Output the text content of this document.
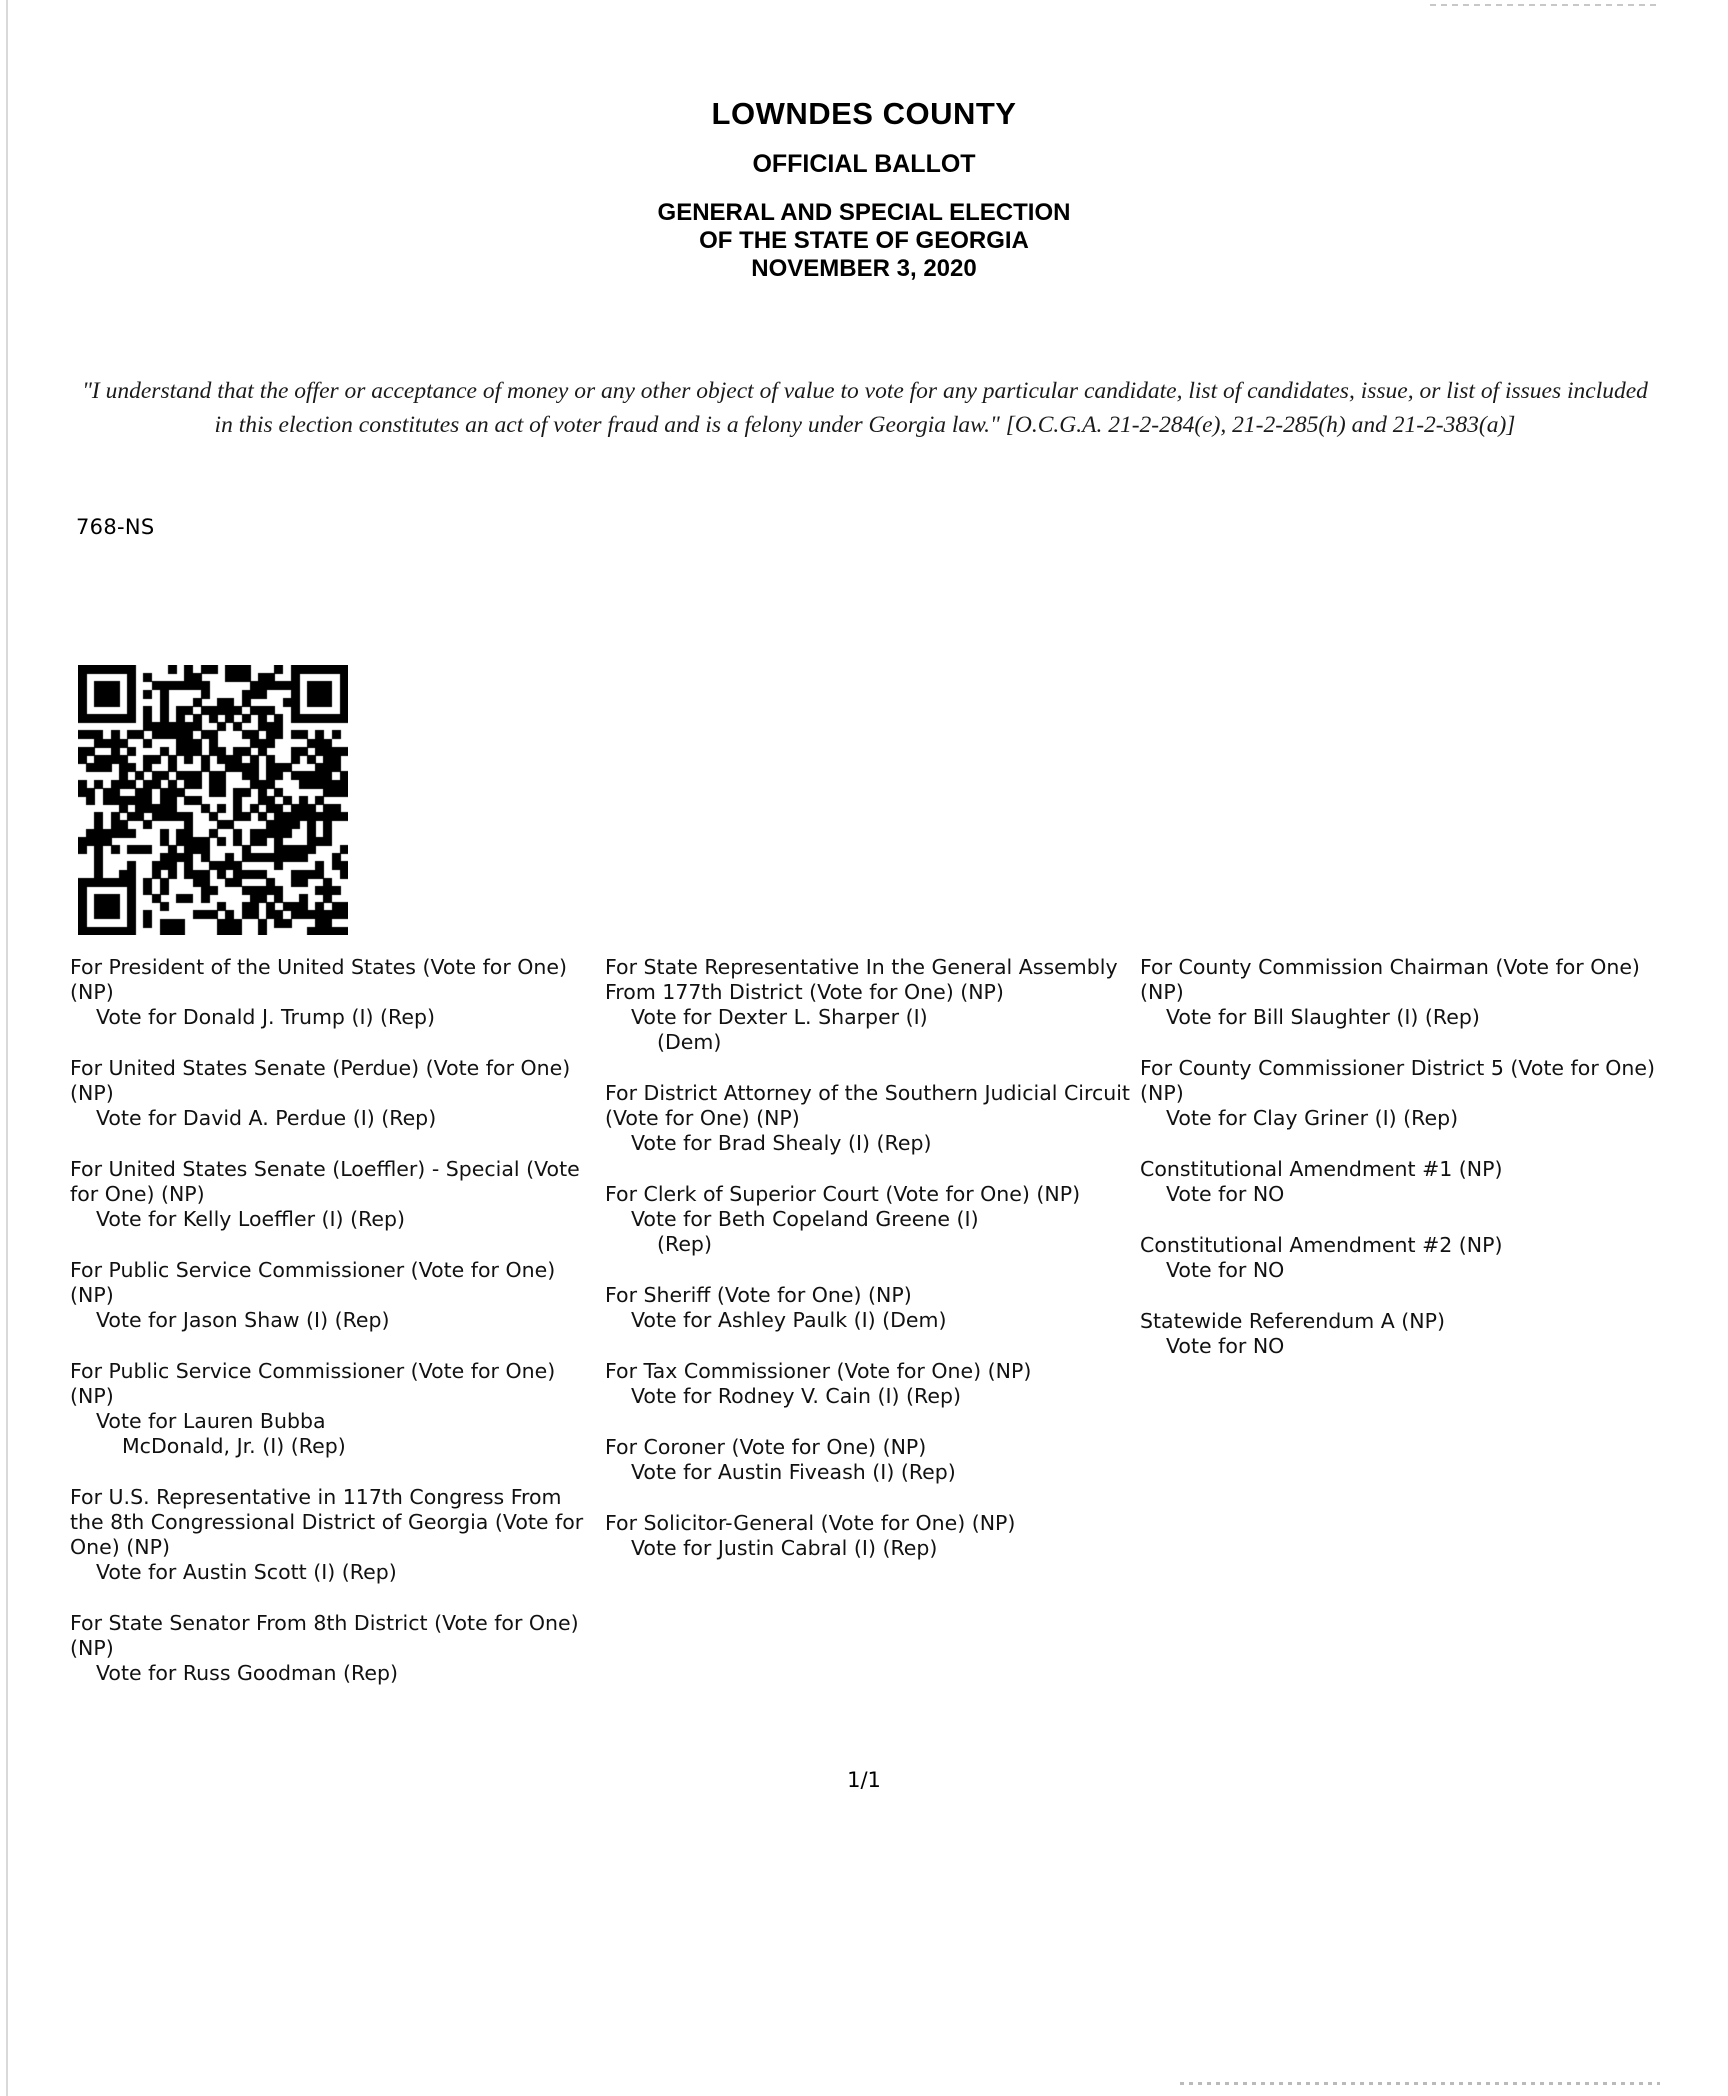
LOWNDES COUNTY
OFFICIAL BALLOT
GENERAL AND SPECIAL ELECTION
OF THE STATE OF GEORGIA
NOVEMBER 3, 2020
"I understand that the offer or acceptance of money or any other object of value to vote for any particular candidate, list of candidates, issue, or list of issues included in this election constitutes an act of voter fraud and is a felony under Georgia law." [O.C.G.A. 21-2-284(e), 21-2-285(h) and 21-2-383(a)]
768-NS
For President of the United States (Vote for One) (NP)
Vote for Donald J. Trump (I) (Rep)
For United States Senate (Perdue) (Vote for One) (NP)
Vote for David A. Perdue (I) (Rep)
For United States Senate (Loeffler) - Special (Vote for One) (NP)
Vote for Kelly Loeffler (I) (Rep)
For Public Service Commissioner (Vote for One) (NP)
Vote for Jason Shaw (I) (Rep)
For Public Service Commissioner (Vote for One) (NP)
Vote for Lauren Bubba
McDonald, Jr. (I) (Rep)
For U.S. Representative in 117th Congress From the 8th Congressional District of Georgia (Vote for One) (NP)
Vote for Austin Scott (I) (Rep)
For State Senator From 8th District (Vote for One) (NP)
Vote for Russ Goodman (Rep)
For State Representative In the General Assembly From 177th District (Vote for One) (NP)
Vote for Dexter L. Sharper (I)
(Dem)
For District Attorney of the Southern Judicial Circuit (Vote for One) (NP)
Vote for Brad Shealy (I) (Rep)
For Clerk of Superior Court (Vote for One) (NP)
Vote for Beth Copeland Greene (I)
(Rep)
For Sheriff (Vote for One) (NP)
Vote for Ashley Paulk (I) (Dem)
For Tax Commissioner (Vote for One) (NP)
Vote for Rodney V. Cain (I) (Rep)
For Coroner (Vote for One) (NP)
Vote for Austin Fiveash (I) (Rep)
For Solicitor-General (Vote for One) (NP)
Vote for Justin Cabral (I) (Rep)
For County Commission Chairman (Vote for One) (NP)
Vote for Bill Slaughter (I) (Rep)
For County Commissioner District 5 (Vote for One) (NP)
Vote for Clay Griner (I) (Rep)
Constitutional Amendment #1 (NP)
Vote for NO
Constitutional Amendment #2 (NP)
Vote for NO
Statewide Referendum A (NP)
Vote for NO
1/1
